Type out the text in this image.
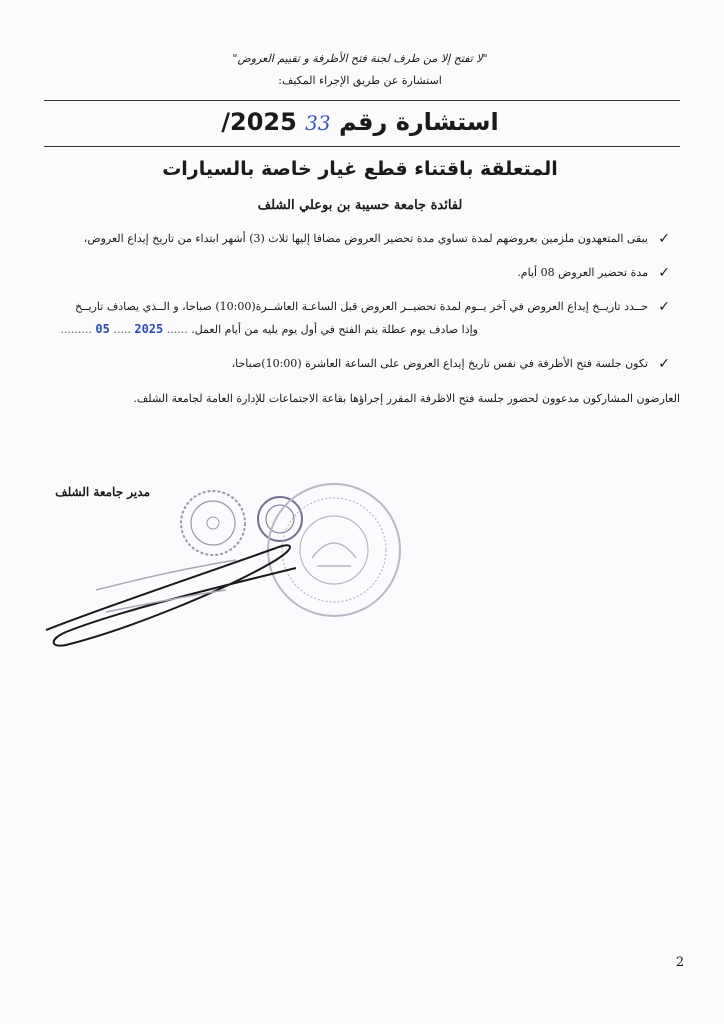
"لا تفتح إلا من طرف لجنة فتح الأظرفة و تقييم العروض"
استشارة عن طريق الإجراء المكيف:
استشارة رقم 33 2025/
المتعلقة باقتناء قطع غيار خاصة بالسيارات
لفائدة جامعة حسيبة بن بوعلي الشلف
✓
يبقى المتعهدون ملزمين بعروضهم لمدة تساوي مدة تحضير العروض مضافا إليها ثلاث (3) أشهر ابتداء من تاريخ إيداع العروض،
✓
مدة تحضير العروض 08 أيام.
✓
حــدد تاريــخ إيداع العروض في آخر يــوم لمدة تحضيــر العروض قبل الساعـة العاشــرة(10:00) صباحا، و الــذي يصادف تاريــخ
وإذا صادف يوم عطلة يتم الفتح في أول يوم يليه من أيام العمل. ...... 2025 ..... 05 .........
✓
تكون جلسة فتح الأظرفة في نفس تاريخ إيداع العروض على الساعة العاشرة (10:00)صباحا،
العارضون المشاركون مدعوون لحضور جلسة فتح الاظرفة المقرر إجراؤها بقاعة الاجتماعات للإدارة العامة لجامعة الشلف.
مدير جامعة الشلف
2
